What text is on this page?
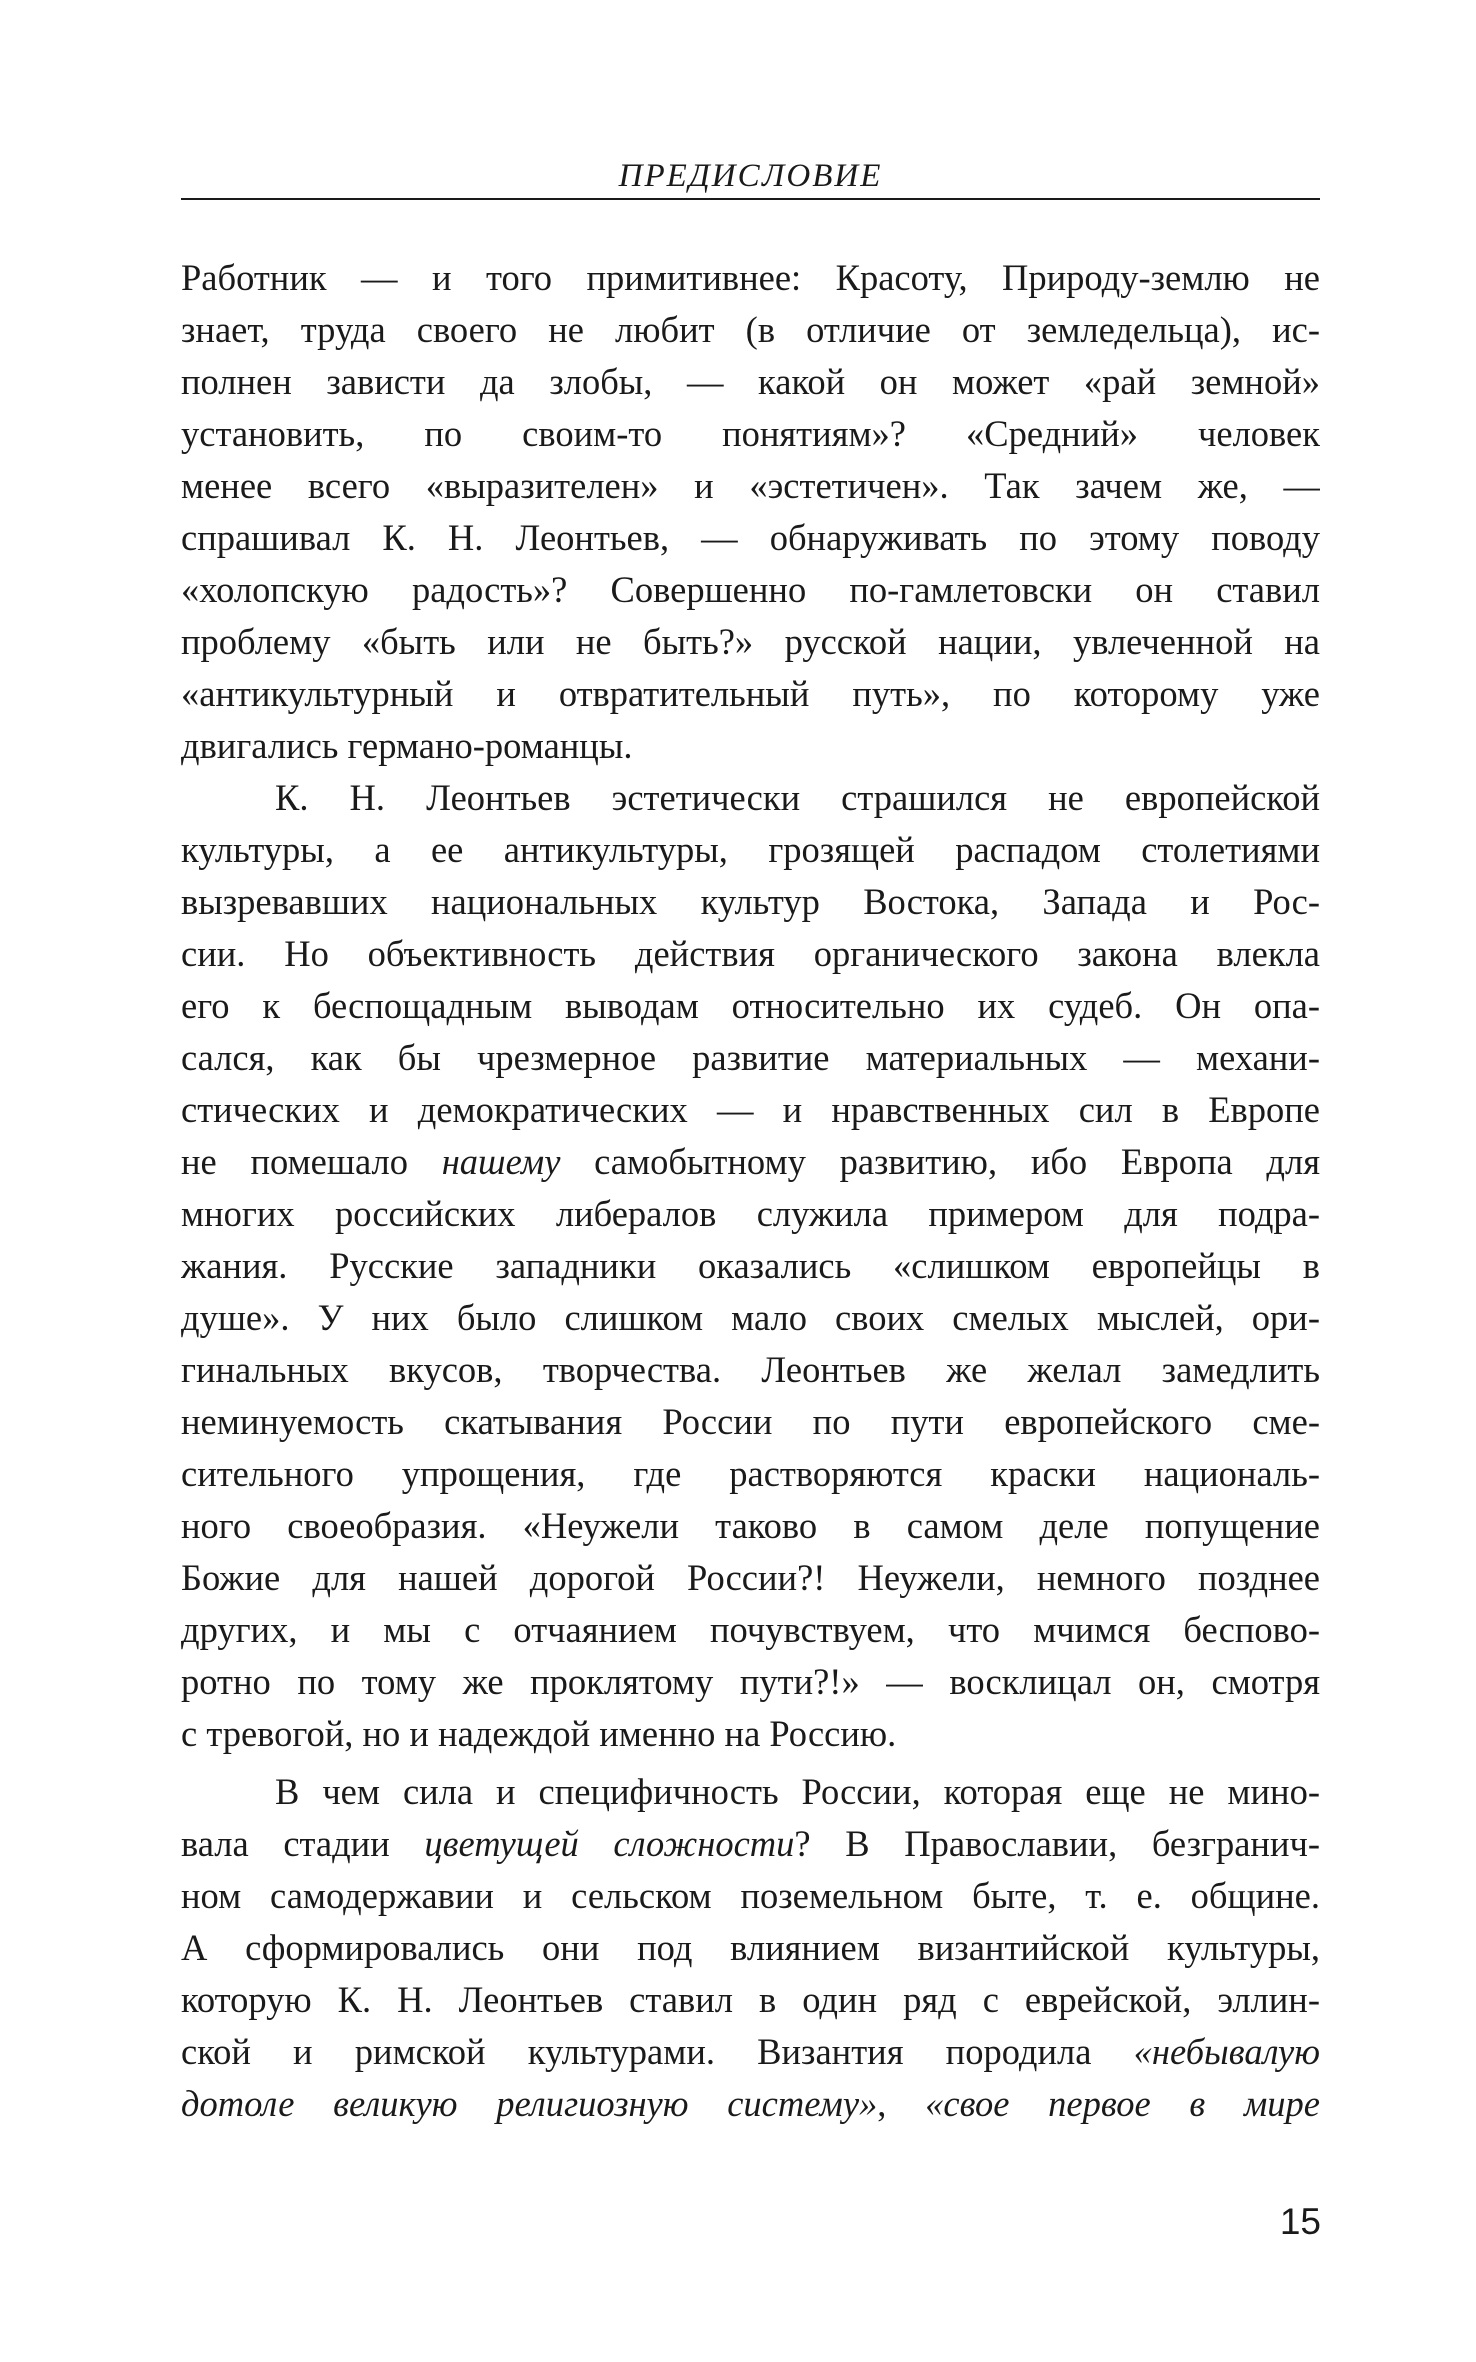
ПРЕДИСЛОВИЕ
Работник — и того примитивнее: Красоту, Природу-землю не
знает, труда своего не любит (в отличие от земледельца), ис-
полнен зависти да злобы, — какой он может «рай земной»
установить, по своим-то понятиям»? «Средний» человек
менее всего «выразителен» и «эстетичен». Так зачем же, —
спрашивал К. Н. Леонтьев, — обнаруживать по этому поводу
«холопскую радость»? Совершенно по-гамлетовски он ставил
проблему «быть или не быть?» русской нации, увлеченной на
«антикультурный и отвратительный путь», по которому уже
двигались германо-романцы.
К. Н. Леонтьев эстетически страшился не европейской
культуры, а ее антикультуры, грозящей распадом столетиями
вызревавших национальных культур Востока, Запада и Рос-
сии. Но объективность действия органического закона влекла
его к беспощадным выводам относительно их судеб. Он опа-
сался, как бы чрезмерное развитие материальных — механи-
стических и демократических — и нравственных сил в Европе
не помешало нашему самобытному развитию, ибо Европа для
многих российских либералов служила примером для подра-
жания. Русские западники оказались «слишком европейцы в
душе». У них было слишком мало своих смелых мыслей, ори-
гинальных вкусов, творчества. Леонтьев же желал замедлить
неминуемость скатывания России по пути европейского сме-
сительного упрощения, где растворяются краски националь-
ного своеобразия. «Неужели таково в самом деле попущение
Божие для нашей дорогой России?! Неужели, немного позднее
других, и мы с отчаянием почувствуем, что мчимся беспово-
ротно по тому же проклятому пути?!» — восклицал он, смотря
с тревогой, но и надеждой именно на Россию.
В чем сила и специфичность России, которая еще не мино-
вала стадии цветущей сложности? В Православии, безгранич-
ном самодержавии и сельском поземельном быте, т. е. общине.
А сформировались они под влиянием византийской культуры,
которую К. Н. Леонтьев ставил в один ряд с еврейской, эллин-
ской и римской культурами. Византия породила «небывалую
дотоле великую религиозную систему», «свое первое в мире
15
